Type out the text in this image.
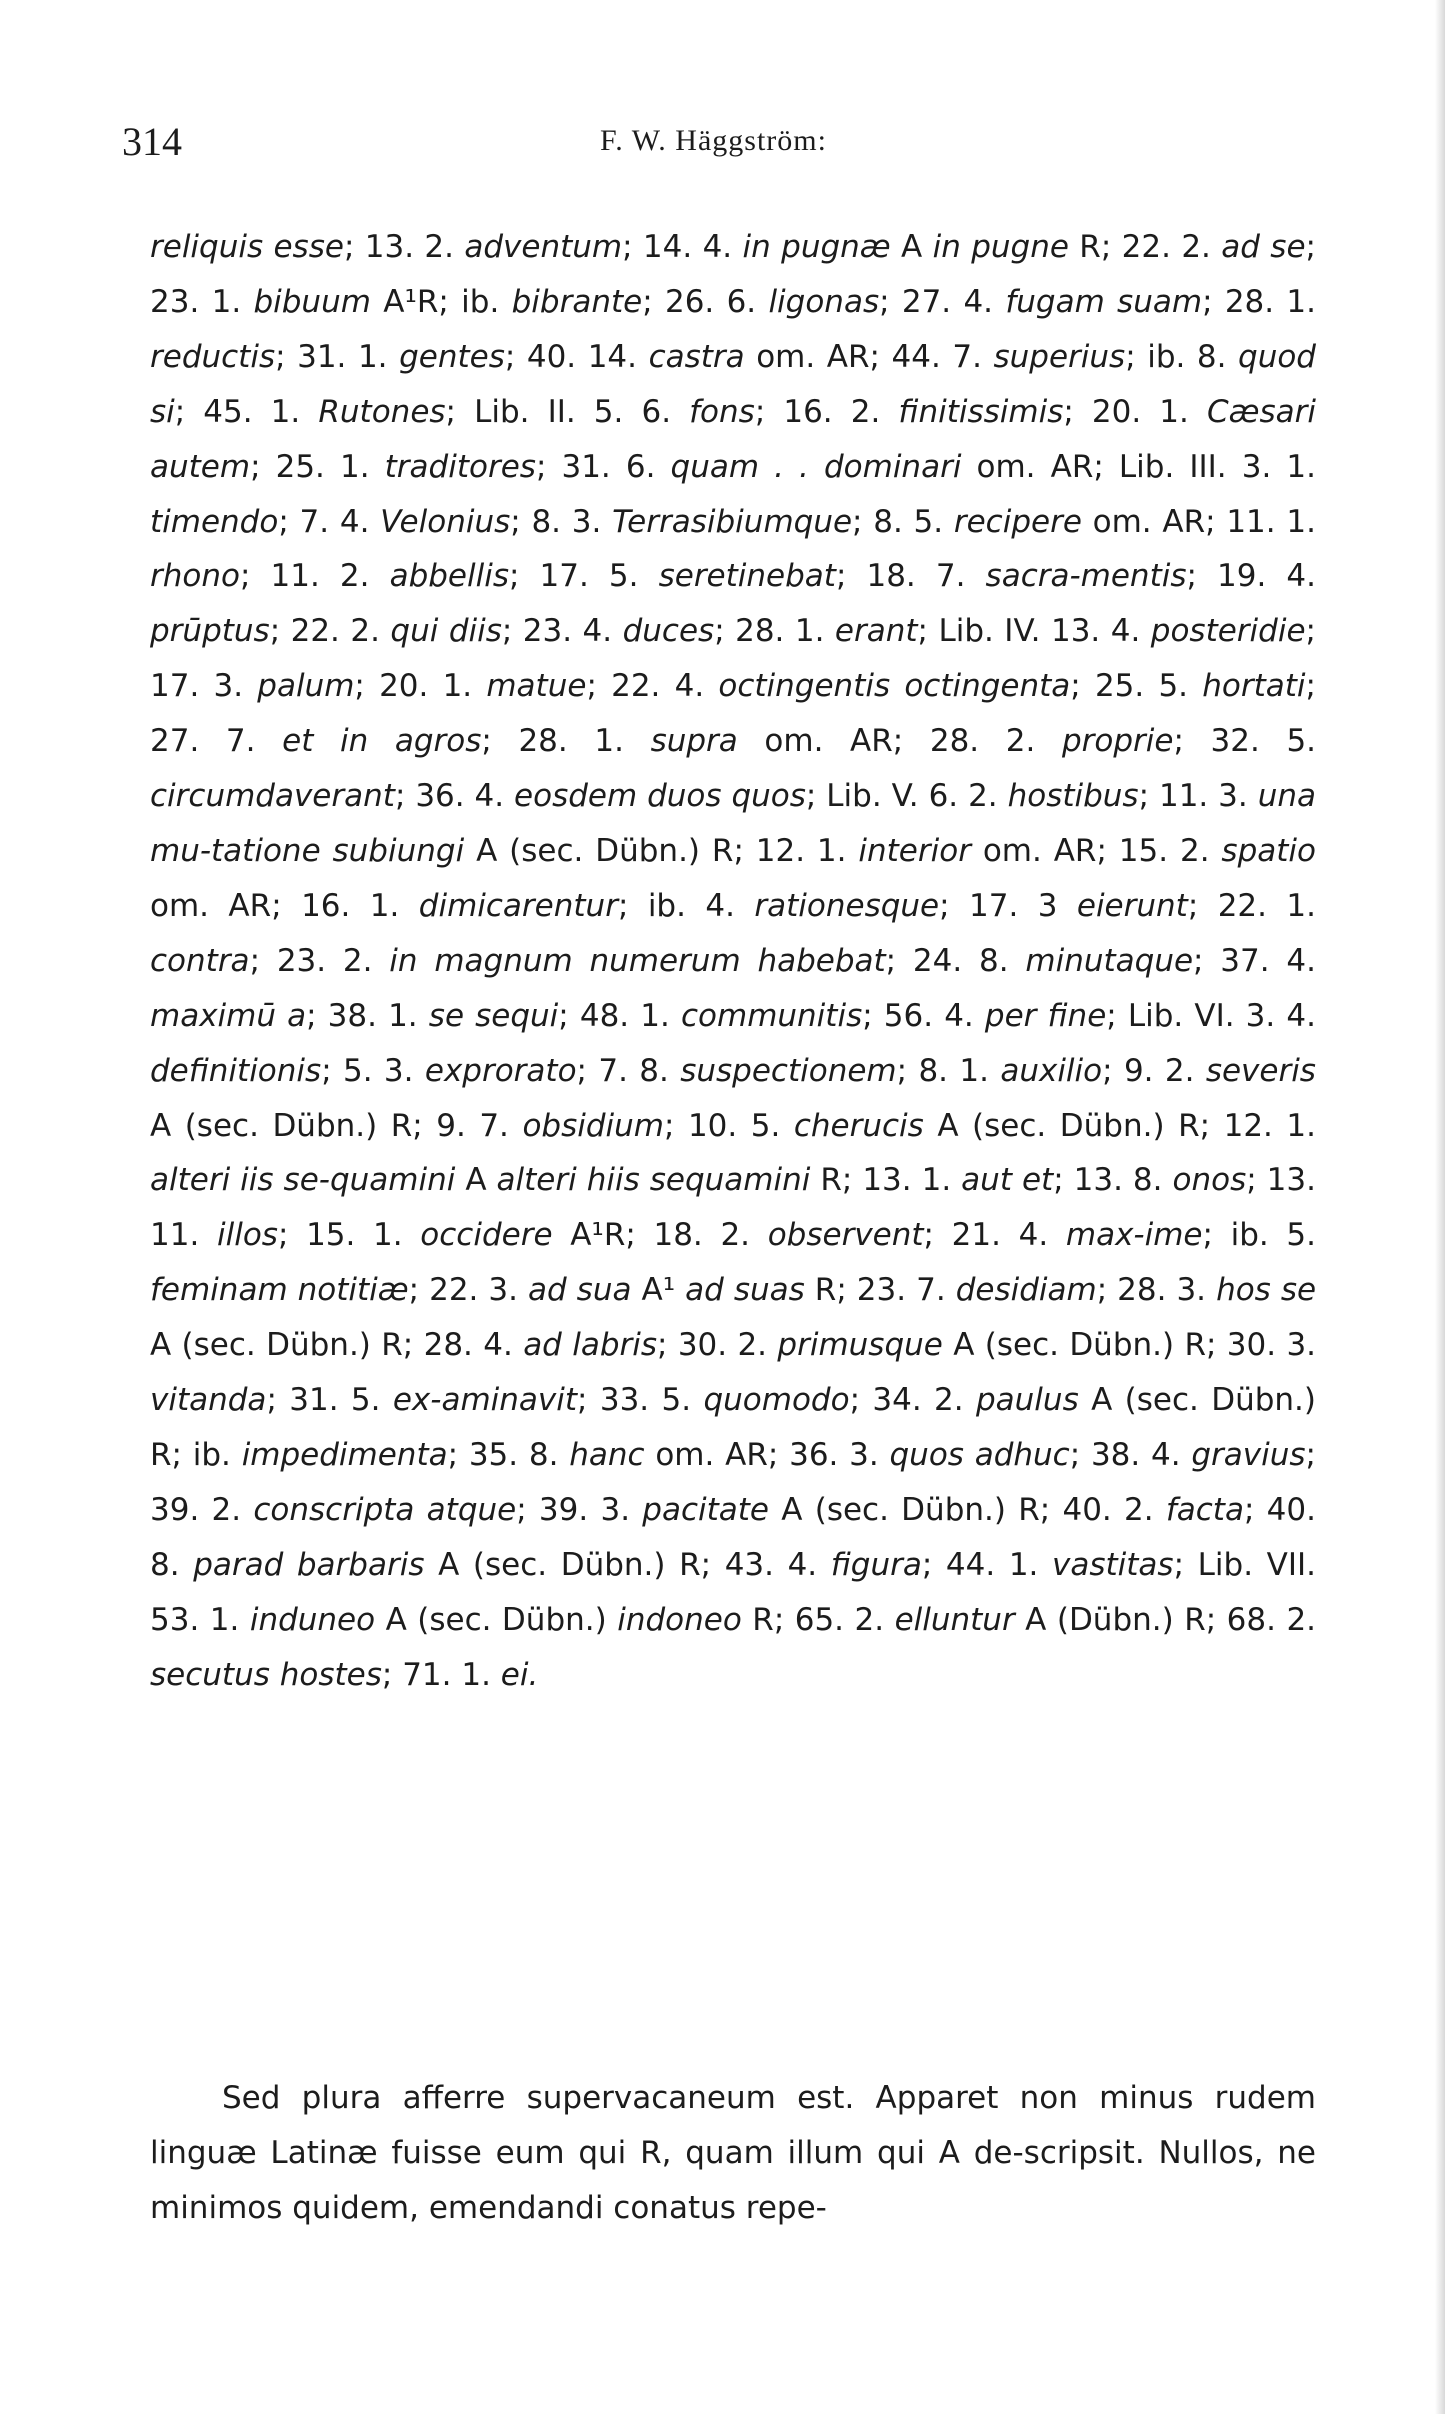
314	F. W. Häggström:

reliquis esse; 13. 2. adventum; 14. 4. in pugnæ A in pugne R; 22. 2. ad se; 23. 1. bibuum A¹R; ib. bibrante; 26. 6. ligonas; 27. 4. fugam suam; 28. 1. reductis; 31. 1. gentes; 40. 14. castra om. AR; 44. 7. superius; ib. 8. quod si; 45. 1. Rutones; Lib. II. 5. 6. fons; 16. 2. finitissimis; 20. 1. Cæsari autem; 25. 1. traditores; 31. 6. quam . . dominari om. AR; Lib. III. 3. 1. timendo; 7. 4. Velonius; 8. 3. Terrasibiumque; 8. 5. recipere om. AR; 11. 1. rhono; 11. 2. abbellis; 17. 5. seretinebat; 18. 7. sacra-mentis; 19. 4. prūptus; 22. 2. qui diis; 23. 4. duces; 28. 1. erant; Lib. IV. 13. 4. posteridie; 17. 3. palum; 20. 1. matue; 22. 4. octingentis octingenta; 25. 5. hortati; 27. 7. et in agros; 28. 1. supra om. AR; 28. 2. proprie; 32. 5. circumdaverant; 36. 4. eosdem duos quos; Lib. V. 6. 2. hostibus; 11. 3. una mu-tatione subiungi A (sec. Dübn.) R; 12. 1. interior om. AR; 15. 2. spatio om. AR; 16. 1. dimicarentur; ib. 4. rationesque; 17. 3 eierunt; 22. 1. contra; 23. 2. in magnum numerum habebat; 24. 8. minutaque; 37. 4. maximū a; 38. 1. se sequi; 48. 1. communitis; 56. 4. per fine; Lib. VI. 3. 4. definitionis; 5. 3. exprorato; 7. 8. suspectionem; 8. 1. auxilio; 9. 2. severis A (sec. Dübn.) R; 9. 7. obsidium; 10. 5. cherucis A (sec. Dübn.) R; 12. 1. alteri iis se-quamini A alteri hiis sequamini R; 13. 1. aut et; 13. 8. onos; 13. 11. illos; 15. 1. occidere A¹R; 18. 2. observent; 21. 4. max-ime; ib. 5. feminam notitiæ; 22. 3. ad sua A¹ ad suas R; 23. 7. desidiam; 28. 3. hos se A (sec. Dübn.) R; 28. 4. ad labris; 30. 2. primusque A (sec. Dübn.) R; 30. 3. vitanda; 31. 5. ex-aminavit; 33. 5. quomodo; 34. 2. paulus A (sec. Dübn.) R; ib. impedimenta; 35. 8. hanc om. AR; 36. 3. quos adhuc; 38. 4. gravius; 39. 2. conscripta atque; 39. 3. pacitate A (sec. Dübn.) R; 40. 2. facta; 40. 8. parad barbaris A (sec. Dübn.) R; 43. 4. figura; 44. 1. vastitas; Lib. VII. 53. 1. induneo A (sec. Dübn.) indoneo R; 65. 2. elluntur A (Dübn.) R; 68. 2. secutus hostes; 71. 1. ei.

Sed plura afferre supervacaneum est. Apparet non minus rudem linguæ Latinæ fuisse eum qui R, quam illum qui A de-scripsit. Nullos, ne minimos quidem, emendandi conatus repe-
